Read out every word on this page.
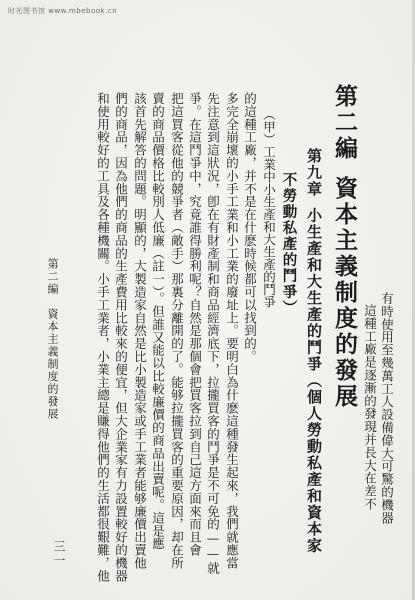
时光图书馆 www.mbebook.cn
第二編資本主義制度的發展
第九章小生產和大生產的鬥爭（個人勞動私產和資本家
不勞動私產的鬥爭）
（甲）工業中小生產和大生產的鬥爭
有時使用至幾萬工人設備偉大可驚的機器
這種工廠是逐漸的發現并長大在差不
的這種工廠，并不是在什麽時候都可以找到的。
多完全崩壞的小手工業和小工業的廢址上。要明白為什麽這種發生起來，我們就應當
先注意到這狀況，卽在有財產制和商品經濟底下，拉攏買客的鬥爭是不可免的——就
爭。在這鬥爭中，究竟誰得勝利呢？自然是那個會把買客拉到自己這方面來而且會
把這買客從他的競爭者（敵手）那裏分離開的了。能够拉攏買客的重要原因，却在所
賣的商品價格比較別人低廉（註一）。但誰又能以比較廉價的商品出賣呢。這是應
該首先解答的問題。明顯的，大製造家自然是比小製造家或手工業者能够廉價出賣他
們的商品，因為他們的商品的生產費用比較來的便宜，但大企業家有力設置較好的機器
和使用較好的工具及各種機關。小手工業者，小業主總是賺得他們的生活都很艱難，他
第二編　資本主義制度的發展
三一
